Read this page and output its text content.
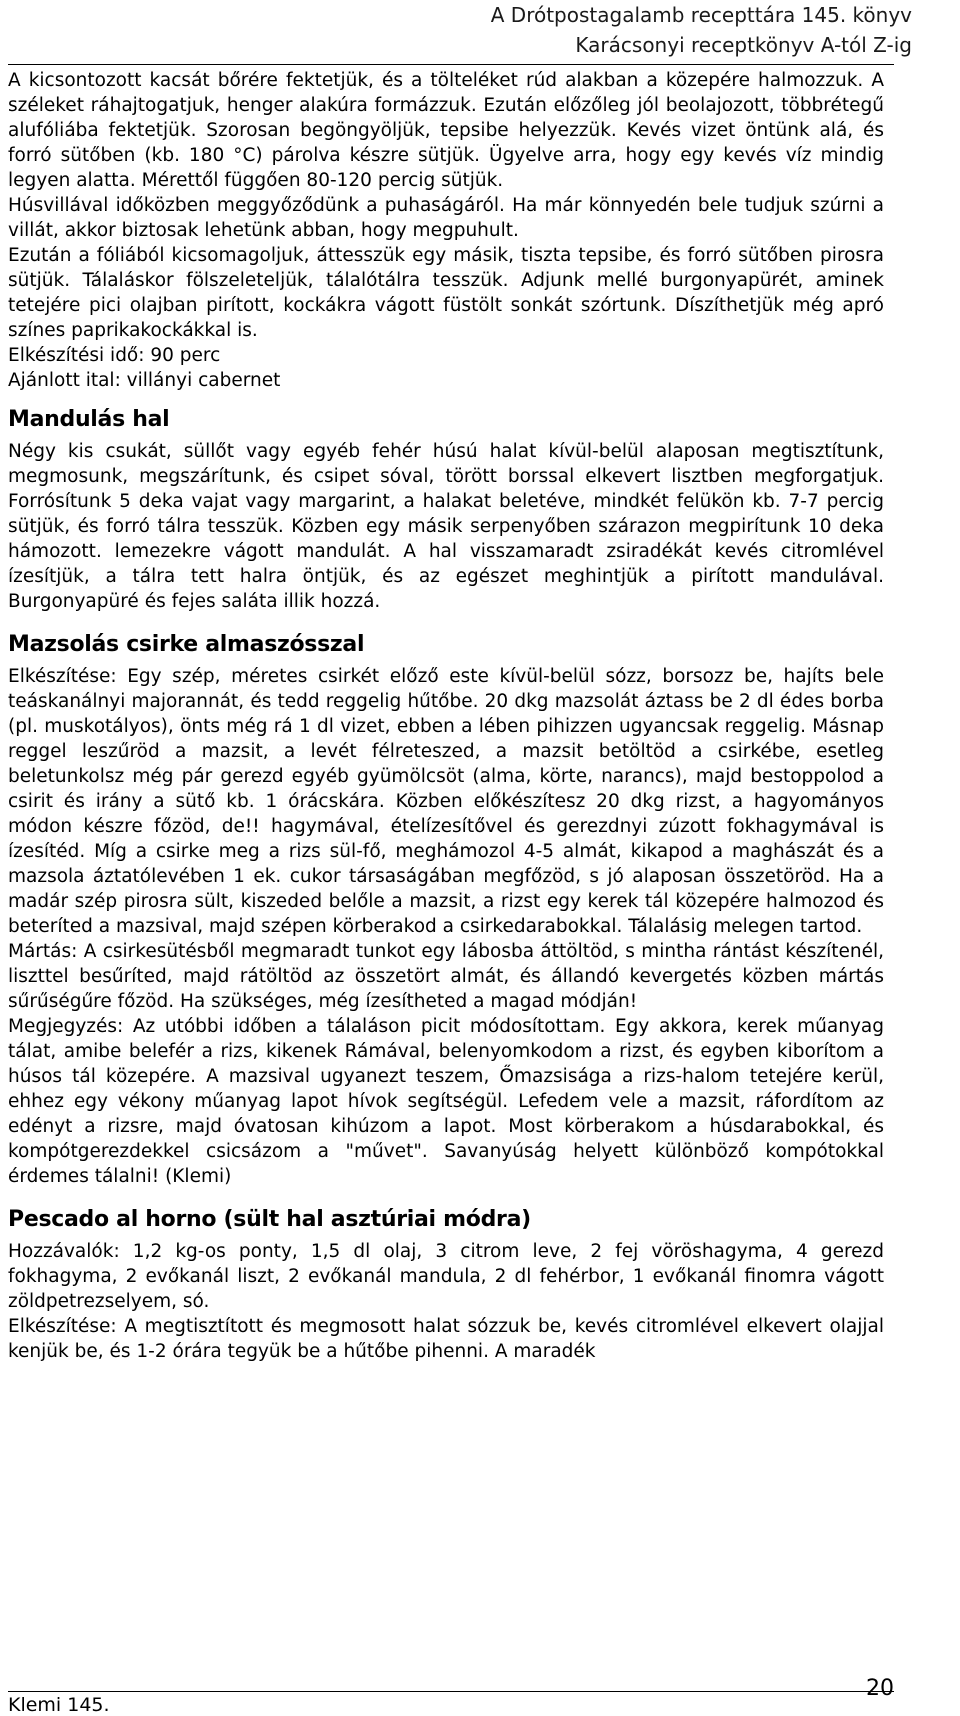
A Drótpostagalamb recepttára 145. könyv
Karácsonyi receptkönyv A-tól Z-ig

A kicsontozott kacsát bőrére fektetjük, és a tölteléket rúd alakban a közepére halmozzuk. A széleket ráhajtogatjuk, henger alakúra formázzuk. Ezután előzőleg jól beolajozott, többrétegű alufóliába fektetjük. Szorosan begöngyöljük, tepsibe helyezzük. Kevés vizet öntünk alá, és forró sütőben (kb. 180 °C) párolva készre sütjük. Ügyelve arra, hogy egy kevés víz mindig legyen alatta. Mérettől függően 80-120 percig sütjük.

Húsvillával időközben meggyőződünk a puhaságáról. Ha már könnyedén bele tudjuk szúrni a villát, akkor biztosak lehetünk abban, hogy megpuhult.

Ezután a fóliából kicsomagoljuk, áttesszük egy másik, tiszta tepsibe, és forró sütőben pirosra sütjük. Tálaláskor fölszeleteljük, tálalótálra tesszük. Adjunk mellé burgonyapürét, aminek tetejére pici olajban pirított, kockákra vágott füstölt sonkát szórtunk. Díszíthetjük még apró színes paprikakockákkal is.

Elkészítési idő: 90 perc

Ajánlott ital: villányi cabernet

Mandulás hal

Négy kis csukát, süllőt vagy egyéb fehér húsú halat kívül-belül alaposan megtisztítunk, megmosunk, megszárítunk, és csipet sóval, törött borssal elkevert lisztben megforgatjuk. Forrósítunk 5 deka vajat vagy margarint, a halakat beletéve, mindkét felükön kb. 7-7 percig sütjük, és forró tálra tesszük. Közben egy másik serpenyőben szárazon megpirítunk 10 deka hámozott. lemezekre vágott mandulát. A hal visszamaradt zsiradékát kevés citromlével ízesítjük, a tálra tett halra öntjük, és az egészet meghintjük a pirított mandulával. Burgonyapüré és fejes saláta illik hozzá.

Mazsolás csirke almaszósszal

Elkészítése: Egy szép, méretes csirkét előző este kívül-belül sózz, borsozz be, hajíts bele teáskanálnyi majorannát, és tedd reggelig hűtőbe. 20 dkg mazsolát áztass be 2 dl édes borba (pl. muskotályos), önts még rá 1 dl vizet, ebben a lében pihizzen ugyancsak reggelig. Másnap reggel leszűröd a mazsit, a levét félreteszed, a mazsit betöltöd a csirkébe, esetleg beletunkolsz még pár gerezd egyéb gyümölcsöt (alma, körte, narancs), majd bestoppolod a csirit és irány a sütő kb. 1 órácskára. Közben előkészítesz 20 dkg rizst, a hagyományos módon készre főzöd, de!! hagymával, ételízesítővel és gerezdnyi zúzott fokhagymával is ízesítéd. Míg a csirke meg a rizs sül-fő, meghámozol 4-5 almát, kikapod a maghászát és a mazsola áztatólevében 1 ek. cukor társaságában megfőzöd, s jó alaposan összetöröd. Ha a madár szép pirosra sült, kiszeded belőle a mazsit, a rizst egy kerek tál közepére halmozod és beteríted a mazsival, majd szépen körberakod a csirkedarabokkal. Tálalásig melegen tartod.

Mártás: A csirkesütésből megmaradt tunkot egy lábosba áttöltöd, s mintha rántást készítenél, liszttel besűríted, majd rátöltöd az összetört almát, és állandó kevergetés közben mártás sűrűségűre főzöd. Ha szükséges, még ízesítheted a magad módján!

Megjegyzés: Az utóbbi időben a tálaláson picit módosítottam. Egy akkora, kerek műanyag tálat, amibe belefér a rizs, kikenek Rámával, belenyomkodom a rizst, és egyben kiborítom a húsos tál közepére. A mazsival ugyanezt teszem, Őmazsisága a rizs-halom tetejére kerül, ehhez egy vékony műanyag lapot hívok segítségül. Lefedem vele a mazsit, ráfordítom az edényt a rizsre, majd óvatosan kihúzom a lapot. Most körberakom a húsdarabokkal, és kompótgerezdekkel csicsázom a "művet". Savanyúság helyett különböző kompótokkal érdemes tálalni! (Klemi)

Pescado al horno (sült hal asztúriai módra)

Hozzávalók: 1,2 kg-os ponty, 1,5 dl olaj, 3 citrom leve, 2 fej vöröshagyma, 4 gerezd fokhagyma, 2 evőkanál liszt, 2 evőkanál mandula, 2 dl fehérbor, 1 evőkanál finomra vágott zöldpetrezselyem, só.

Elkészítése: A megtisztított és megmosott halat sózzuk be, kevés citromlével elkevert olajjal kenjük be, és 1-2 órára tegyük be a hűtőbe pihenni. A maradék

Klemi 145.
20
